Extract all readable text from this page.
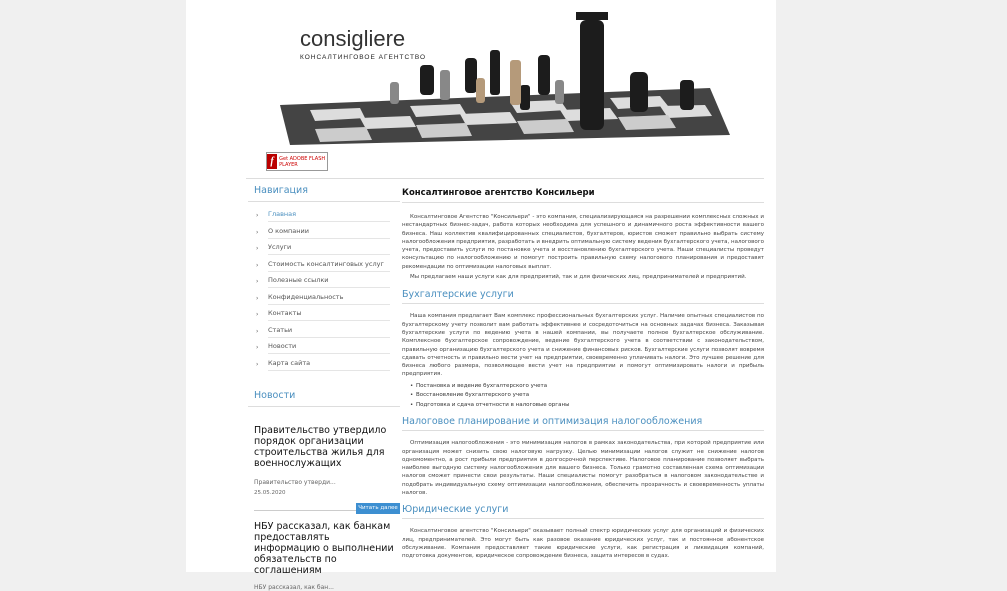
consigliere
КОНСАЛТИНГОВОЕ АГЕНТСТВО
f	Get ADOBE FLASH PLAYER
Навигация
› Главная
› О компании
› Услуги
› Стоимость консалтинговых услуг
› Полезные ссылки
› Конфиденциальность
› Контакты
› Статьи
› Новости
› Карта сайта
Новости
Правительство утвердило порядок организации строительства жилья для военнослужащих
Правительство утверди...
25.05.2020
Читать далее
НБУ рассказал, как банкам предоставлять информацию о выполнении обязательств по соглашениям
НБУ рассказал, как бан...
Консалтинговое агентство Консильери

Консалтинговое Агентство "Консильери" - это компания, специализирующаяся на разрешении комплексных сложных и нестандартных бизнес-задач, работа которых необходима для успешного и динамичного роста эффективности вашего бизнеса. Наш коллектив квалифицированных специалистов, бухгалтеров, юристов сможет правильно выбрать систему налогообложения предприятия, разработать и внедрить оптимальную систему ведения бухгалтерского учета, налогового учета, предоставить услуги по постановке учета и восстановлению бухгалтерского учета. Наши специалисты проведут консультацию по налогообложению и помогут построить правильную схему налогового планирования и предоставят рекомендации по оптимизации налоговых выплат.

Мы предлагаем наши услуги как для предприятий, так и для физических лиц, предпринимателей и предприятий.

Бухгалтерские услуги

Наша компания предлагает Вам комплекс профессиональных бухгалтерских услуг. Наличие опытных специалистов по бухгалтерскому учету позволит вам работать эффективнее и сосредоточиться на основных задачах бизнеса. Заказывая бухгалтерские услуги по ведению учета в нашей компании, вы получаете полное бухгалтерское обслуживание. Комплексное бухгалтерское сопровождение, ведение бухгалтерского учета в соответствии с законодательством, правильную организацию бухгалтерского учета и снижение финансовых рисков. Бухгалтерские услуги позволят вовремя сдавать отчетность и правильно вести учет на предприятии, своевременно уплачивать налоги. Это лучшее решение для бизнеса любого размера, позволяющее вести учет на предприятии и помогут оптимизировать налоги и прибыль предприятия.

• Постановка и ведение бухгалтерского учета
• Восстановление бухгалтерского учета
• Подготовка и сдача отчетности в налоговые органы
Налоговое планирование и оптимизация налогообложения

Оптимизация налогообложения - это минимизация налогов в рамках законодательства, при которой предприятие или организация может снизить свою налоговую нагрузку. Целью минимизации налогов служит не снижение налогов одномоментно, а рост прибыли предприятия в долгосрочной перспективе. Налоговое планирование позволяет выбрать наиболее выгодную систему налогообложения для вашего бизнеса. Только грамотно составленная схема оптимизации налогов сможет принести свои результаты. Наши специалисты помогут разобраться в налоговом законодательстве и подобрать индивидуальную схему оптимизации налогообложения, обеспечить прозрачность и своевременность уплаты налогов.

Юридические услуги

Консалтинговое агентство "Консильери" оказывает полный спектр юридических услуг для организаций и физических лиц, предпринимателей. Это могут быть как разовое оказание юридических услуг, так и постоянное абонентское обслуживание. Компания предоставляет такие юридические услуги, как регистрация и ликвидация компаний, подготовка документов, юридическое сопровождение бизнеса, защита интересов в судах.
